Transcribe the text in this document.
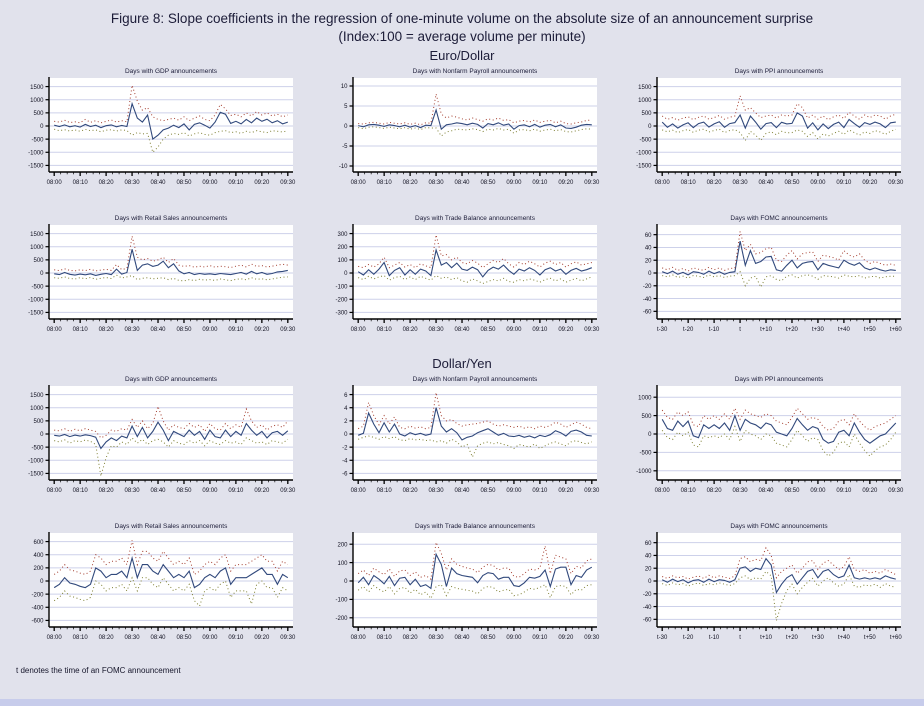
Figure 8: Slope coefficients in the regression of one-minute volume on the absolute size of an announcement surprise
(Index:100 = average volume per minute)
Euro/Dollar
Days with GDP announcements
1500
1000
500
0
-500
-1000
-1500
08:00 08:10 08:20 08:30 08:40 08:50 09:00 09:10 09:20 09:30
Days with Nonfarm Payroll announcements
10
5
0
-5
-10
08:00 08:10 08:20 08:30 08:40 08:50 09:00 09:10 09:20 09:30
Days with PPI announcements
1500
1000
500
0
-500
-1000
-1500
08:00 08:10 08:20 08:30 08:40 08:50 09:00 09:10 09:20 09:30
Days with Retail Sales announcements
1500
1000
500
0
-500
-1000
-1500
08:00 08:10 08:20 08:30 08:40 08:50 09:00 09:10 09:20 09:30
Days with Trade Balance announcements
300
200
100
0
-100
-200
-300
08:00 08:10 08:20 08:30 08:40 08:50 09:00 09:10 09:20 09:30
Days with FOMC announcements
60
40
20
0
-20
-40
-60
t-30	t-20	t-10	t	t+10 t+20 t+30 t+40 t+50 t+60
Dollar/Yen
Days with GDP announcements
1500
1000
500
0
-500
-1000
-1500
08:00 08:10 08:20 08:30 08:40 08:50 09:00 09:10 09:20 09:30
Days with Nonfarm Payroll announcements
6
4
2
0
-2
-4
-6
08:00 08:10 08:20 08:30 08:40 08:50 09:00 09:10 09:20 09:30
Days with PPI announcements
1000
500
0
-500
-1000
08:00 08:10 08:20 08:30 08:40 08:50 09:00 09:10 09:20 09:30
Days with Retail Sales announcements
600
400
200
0
-200
-400
-600
08:00 08:10 08:20 08:30 08:40 08:50 09:00 09:10 09:20 09:30
Days with Trade Balance announcements
200
100
0
-100
-200
08:00 08:10 08:20 08:30 08:40 08:50 09:00 09:10 09:20 09:30
Days with FOMC announcements
60
40
20
0
-20
-40
-60
t-30	t-20	t-10	t	t+10 t+20 t+30 t+40 t+50 t+60
t denotes the time of an FOMC announcement
